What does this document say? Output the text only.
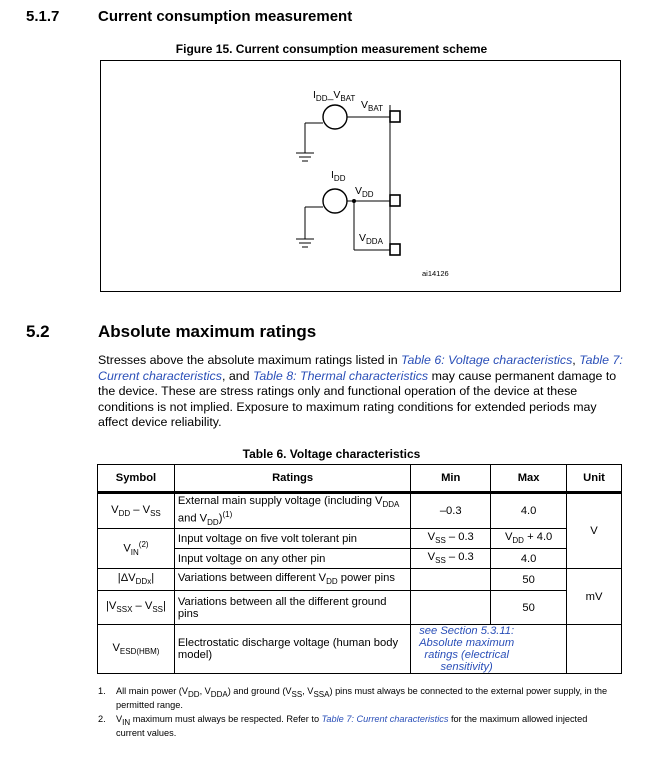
5.1.7	Current consumption measurement
Figure 15. Current consumption measurement scheme
$I_{DD}\_V_{BAT}$
$V_{BAT}$
$I_{DD}$
$V_{DD}$
$V_{DDA}$
ai14126
5.2	Absolute maximum ratings
Stresses above the absolute maximum ratings listed in Table 6: Voltage characteristics, Table 7: Current characteristics, and Table 8: Thermal characteristics may cause permanent damage to the device. These are stress ratings only and functional operation of the device at these conditions is not implied. Exposure to maximum rating conditions for extended periods may affect device reliability.
Table 6. Voltage characteristics
Symbol	Ratings	Min	Max	Unit
$V_{DD} - V_{SS}$	External main supply voltage (including $V_{DDA}$ and $V_{DD})^{(1)}$	–0.3	4.0	V
$V_{IN}^{(2)}$	Input voltage on five volt tolerant pin	$V_{SS} - 0.3$	$V_{DD} + 4.0$	
	Input voltage on any other pin	$V_{SS} - 0.3$	4.0	
$|\Delta V_{DDx}|$	Variations between different $V_{DD}$ power pins		50	mV
$|V_{SSX} - V_{SS}|$	Variations between all the different ground pins		50	
$V_{ESD(HBM)}$	Electrostatic discharge voltage (human body model)	see Section 5.3.11: Absolute maximum ratings (electrical sensitivity)		
1. All main power ($V_{DD}$, $V_{DDA}$) and ground ($V_{SS}$, $V_{SSA}$) pins must always be connected to the external power supply, in the permitted range.
2. $V_{IN}$ maximum must always be respected. Refer to Table 7: Current characteristics for the maximum allowed injected current values.
